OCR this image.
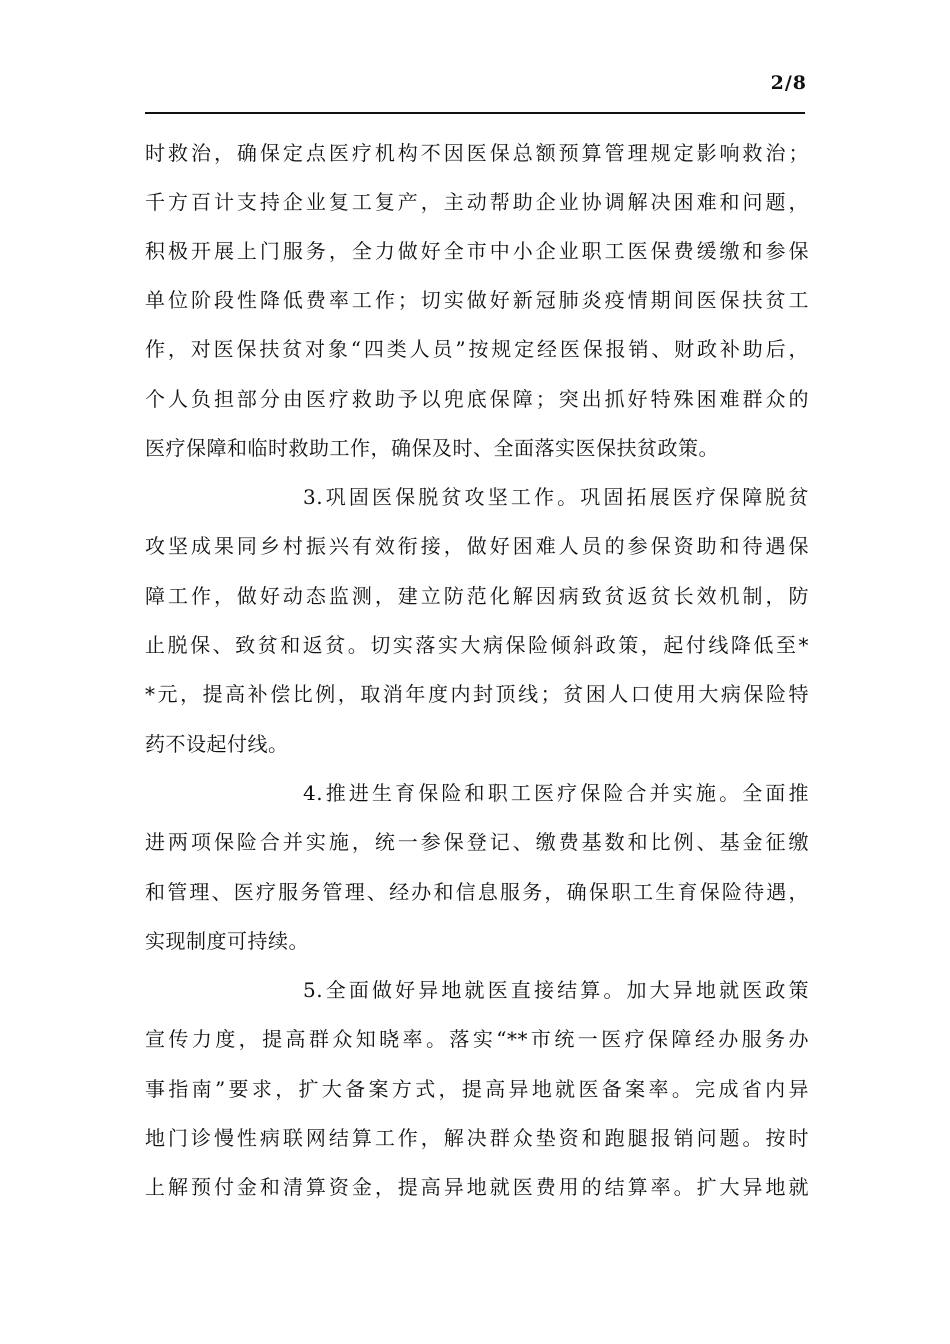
2/8
时救治，确保定点医疗机构不因医保总额预算管理规定影响救治；
千方百计支持企业复工复产，主动帮助企业协调解决困难和问题，
积极开展上门服务，全力做好全市中小企业职工医保费缓缴和参保
单位阶段性降低费率工作；切实做好新冠肺炎疫情期间医保扶贫工
作，对医保扶贫对象“四类人员”按规定经医保报销、财政补助后，
个人负担部分由医疗救助予以兜底保障；突出抓好特殊困难群众的
医疗保障和临时救助工作，确保及时、全面落实医保扶贫政策。
3.巩固医保脱贫攻坚工作。巩固拓展医疗保障脱贫
攻坚成果同乡村振兴有效衔接，做好困难人员的参保资助和待遇保
障工作，做好动态监测，建立防范化解因病致贫返贫长效机制，防
止脱保、致贫和返贫。切实落实大病保险倾斜政策，起付线降低至*
*元，提高补偿比例，取消年度内封顶线；贫困人口使用大病保险特
药不设起付线。
4.推进生育保险和职工医疗保险合并实施。全面推
进两项保险合并实施，统一参保登记、缴费基数和比例、基金征缴
和管理、医疗服务管理、经办和信息服务，确保职工生育保险待遇，
实现制度可持续。
5.全面做好异地就医直接结算。加大异地就医政策
宣传力度，提高群众知晓率。落实“**市统一医疗保障经办服务办
事指南”要求，扩大备案方式，提高异地就医备案率。完成省内异
地门诊慢性病联网结算工作，解决群众垫资和跑腿报销问题。按时
上解预付金和清算资金，提高异地就医费用的结算率。扩大异地就
